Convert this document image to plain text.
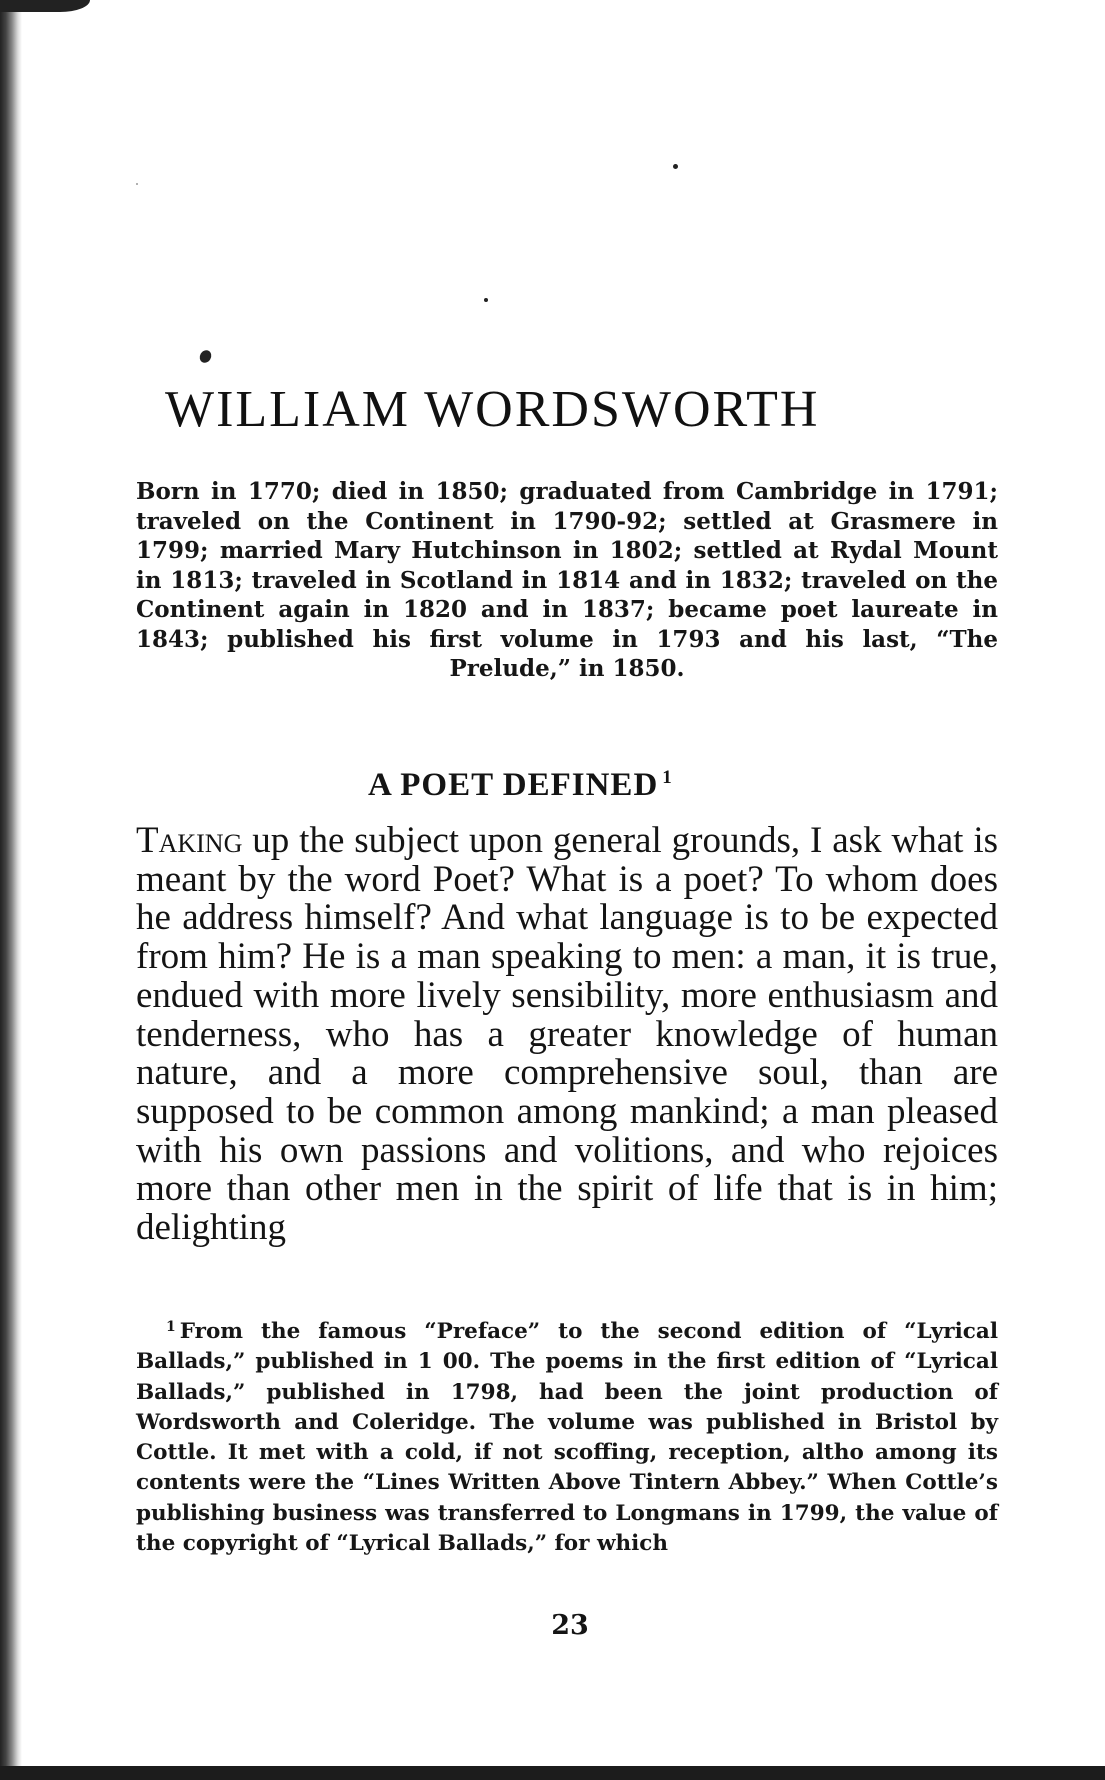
WILLIAM WORDSWORTH
Born in 1770; died in 1850; graduated from Cambridge in 1791; traveled on the Continent in 1790-92; settled at Grasmere in 1799; married Mary Hutchinson in 1802; settled at Rydal Mount in 1813; traveled in Scotland in 1814 and in 1832; traveled on the Continent again in 1820 and in 1837; became poet laureate in 1843; published his first volume in 1793 and his last, “The Prelude,” in 1850.
A POET DEFINED $^1$
Taking up the subject upon general grounds, I ask what is meant by the word Poet? What is a poet? To whom does he address himself? And what language is to be expected from him? He is a man speaking to men: a man, it is true, endued with more lively sensibility, more enthusiasm and tenderness, who has a greater knowledge of human nature, and a more comprehensive soul, than are supposed to be common among mankind; a man pleased with his own passions and volitions, and who rejoices more than other men in the spirit of life that is in him; delighting
$^1$ From the famous “Preface” to the second edition of “Lyrical Ballads,” published in 1 00. The poems in the first edition of “Lyrical Ballads,” published in 1798, had been the joint production of Wordsworth and Coleridge. The volume was published in Bristol by Cottle. It met with a cold, if not scoffing, reception, altho among its contents were the “Lines Written Above Tintern Abbey.” When Cottle’s publishing business was transferred to Longmans in 1799, the value of the copyright of “Lyrical Ballads,” for which
23
